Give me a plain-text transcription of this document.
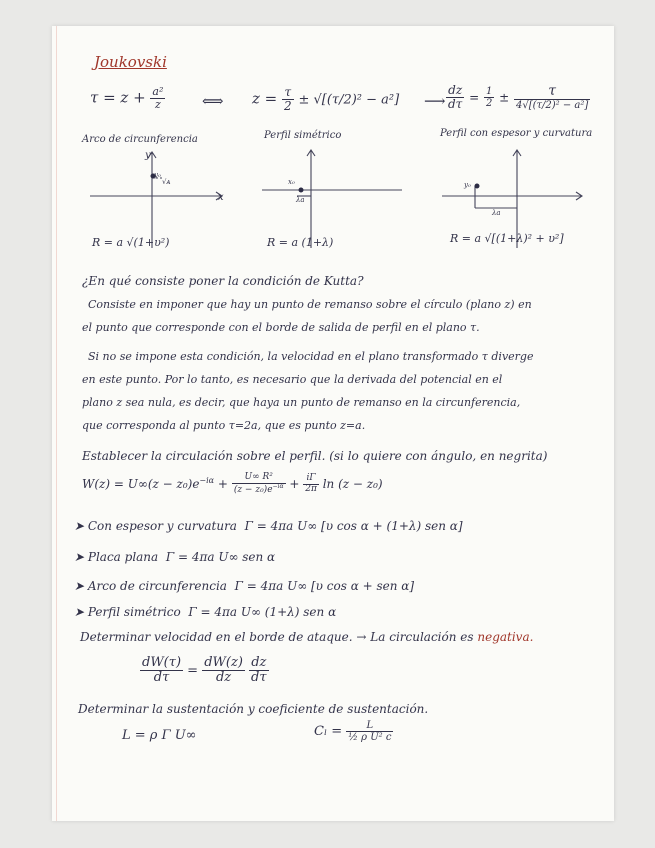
Joukovski
$\tau = z + \frac{\text{a²}}{z}$ ⟺ $z = \frac{\tau}{2} \pm √[(\tau/2)^2 - a^2]$ ⟶ $\frac{dz}{d\tau} = \frac{1}{2} \pm \frac{\tau}{\text{4√[(τ/2)² − a²]}}$
Arco de circunferencia	Perfil simétrico	Perfil con espesor y curvatura
x
y
y₀
√ᴀ	x₀
λa
y₀
λa
R = a √(1+υ²)	R = a (1+λ)	R = a √[(1+λ)² + υ²]
¿En qué consiste poner la condición de Kutta?
Consiste en imponer que hay un punto de remanso sobre el círculo (plano z) en
el punto que corresponde con el borde de salida de perfil en el plano τ.
Si no se impone esta condición, la velocidad en el plano transformado τ diverge
en este punto. Por lo tanto, es necesario que la derivada del potencial en el
plano z sea nula, es decir, que haya un punto de remanso en la circunferencia,
que corresponda al punto τ=2a, que es punto z=a.
Establecer la circulación sobre el perfil. (si lo quiere con ángulo, en negrita)
$W(z) = U\infty(z - z_0)e^{-i\alpha} + \frac{\text{U∞ R²}}{(z - z_0)e^{-i\alpha}} + \frac{i\Gamma}{2\pi}$ ln (z − z₀)
➤ Con espesor y curvatura Γ = 4πa U∞ [υ cos α + (1+λ) sen α]
➤ Placa plana Γ = 4πa U∞ sen α
➤ Arco de circunferencia Γ = 4πa U∞ [υ cos α + sen α]
➤ Perfil simétrico Γ = 4πa U∞ (1+λ) sen α
Determinar velocidad en el borde de ataque. → La circulación es negativa.
$\frac{dW(\tau)}{d\tau} = \frac{dW(z)}{dz}$
$\frac{dz}{d\tau}$
Determinar la sustentación y coeficiente de sustentación.
L = ρ Γ U∞	$C_l = \frac{L}{\text{½ ρ U² c}}$
